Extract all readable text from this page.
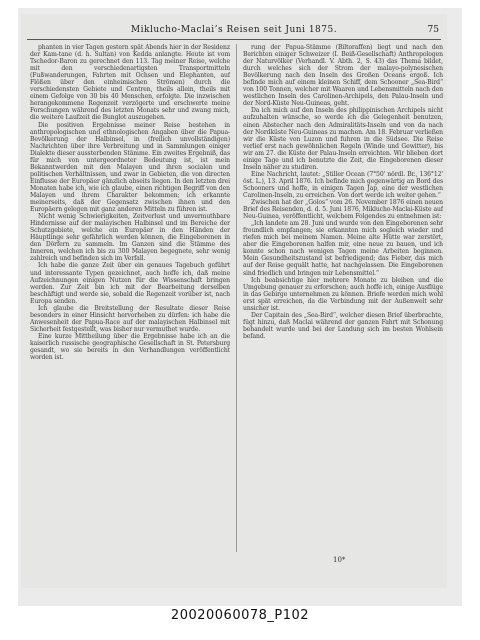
Miklucho-Maclai’s Reisen seit Juni 1875.	75

phanten in vier Tagen gestern spät Abends hier in der Residenz der Kam-tane (d. h. Sultan) von Kedda anlangte. Heute ist vom Tschedor-Baron zu gerechnet den 113. Tag meiner Reise, welche mit den verschiedenartigsten Transportmitteln (Fußwanderungen, Fahrten mit Ochsen und Elephanten, auf Flößen über den einheimischen Strömen) durch die verschiedensten Gebiete und Centren, theils allein, theils mit einem Gefolge von 30 bis 40 Menschen, erfolgte. Die inzwischen herangekommene Regenzeit verzögerte und erschwerte meine Forschungen während des letzten Monats sehr und zwang mich, die weitere Laufzeit die Bunglot auszugeben.

Die positiven Ergebnisse meiner Reise bestehen in anthropologischen und ethnologischen Angaben über die Papua-Bevölkerung der Halbinsel, in (freilich unvollständigen) Nachrichten über ihre Verbreitung und in Sammlungen einiger Dialekte dieser aussterbenden Stämme. Ein zweites Ergebniß, das für mich von untergeordneter Bedeutung ist, ist mein Bekanntwerden mit den Malayen und ihren socialen und politischen Verhältnissen, und zwar in Gebieten, die von directen Einflusse der Europäer gänzlich abseits liegen. In den letzten drei Monaten habe ich, wie ich glaube, einen richtigen Begriff von den Malayen und ihrem Charakter bekommen; ich erkannte meinerseits, daß der Gegensatz zwischen ihnen und den Europäern gelegen mit ganz anderen Mitteln zu führen ist.

Nicht wenig Schwierigkeiten, Zeitverlust und unvermuthbare Hindernisse auf der malayischen Halbinsel und im Bereiche der Schutzgebiete, welche ein Europäer in den Händen der Häuptlinge sehr gefährlich werden können, die Eingeborenen in den Dörfern zu sammeln. Im Ganzen sind die Stämme des Inneren, welchen ich bis zu 300 Malayen begegnete, sehr wenig zahlreich und befinden sich im Verfall.

Ich habe die ganze Zeit über ein genaues Tagebuch geführt und interessante Typen gezeichnet, auch hoffe ich, daß meine Aufzeichnungen einigen Nutzen für die Wissenschaft bringen werden. Zur Zeit bin ich mit der Bearbeitung derselben beschäftigt und werde sie, sobald die Regenzeit vorüber ist, nach Europa senden.

Ich glaube die Breitstellung der Resultate dieser Reise besonders in einer Hinsicht hervorheben zu dürfen: ich habe die Anwesenheit der Papua-Race auf der malayischen Halbinsel mit Sicherheit festgestellt, was bisher nur vermuthet wurde.

Eine kurze Mittheilung über die Ergebnisse habe ich an die kaiserlich russische geographische Gesellschaft in St. Petersburg gesandt, wo sie bereits in den Verhandlungen veröffentlicht worden ist.

rung der Papua-Stämme (Biltoraffen) liegt und nach den Berichten einiger Schweizer (I. Beiß-Gesellschaft) Anthropologen der Naturvölker (Verhandl. V. Abth. 2, S. 43) das Thema bildet, durch welches sich der Strom der malayo-polynesischen Bevölkerung nach den Inseln des Großen Oceans ergoß. Ich befinde mich auf einem kleinen Schiff, dem Schooner „Sea-Bird“ von 100 Tonnen, welcher mit Waaren und Lebensmitteln nach den westlichen Inseln des Carolinen-Archipels, den Palau-Inseln und der Nord-Küste Neu-Guineas, geht.

Da ich mich auf den Inseln des philippinischen Archipels nicht aufzuhalten wünsche, so werde ich die Gelegenheit benutzen, einen Abstecher nach den Admiralitäts-Inseln und von da nach der Nordküste Neu-Guineas zu machen. Am 18. Februar verließen wir die Küste von Luzon und fuhren in die Südsee. Die Reise verlief erst nach gewöhnlichen Regeln (Winde und Gewitter), bis wir am 27. die Küste der Palau-Inseln erreichten. Wir blieben dort einige Tage und ich benutzte die Zeit, die Eingeborenen dieser Inseln näher zu studiren.

Eine Nachricht, lautet: „Stiller Ocean (7°50' nördl. Br., 136°12' öst. L.), 13. April 1876. Ich befinde mich gegenwärtig an Bord des Schooners und hoffe, in einigen Tagen Jap, eine der westlichen Carolinen-Inseln, zu erreichen. Von dort werde ich weiter gehen.“

Zwischen hat der „Golos“ vom 26. November 1876 einen neuen Brief des Reisenden, d. d. 5. Juni 1876, Miklucho-Maclai-Küste auf Neu-Guinea, veröffentlicht, welchem Folgendes zu entnehmen ist:

„Ich landete am 28. Juni und wurde von den Eingeborenen sehr freundlich empfangen; sie erkannten mich sogleich wieder und riefen mich bei meinem Namen. Meine alte Hütte war zerstört, aber die Eingeborenen halfen mir, eine neue zu bauen, und ich konnte schon nach wenigen Tagen meine Arbeiten beginnen. Mein Gesundheitszustand ist befriedigend; das Fieber, das mich auf der Reise gequält hatte, hat nachgelassen. Die Eingeborenen sind friedlich und bringen mir Lebensmittel.“

Ich beabsichtige hier mehrere Monate zu bleiben und die Umgebung genauer zu erforschen; auch hoffe ich, einige Ausflüge in das Gebirge unternehmen zu können. Briefe werden mich wohl erst spät erreichen, da die Verbindung mit der Außenwelt sehr unsicher ist.

Der Capitain des „Sea-Bird“, welcher diesen Brief überbrachte, fügt hinzu, daß Maclai während der ganzen Fahrt mit Schonung behandelt wurde und bei der Landung sich im besten Wohlsein befand.

10*
20020060078_P102
